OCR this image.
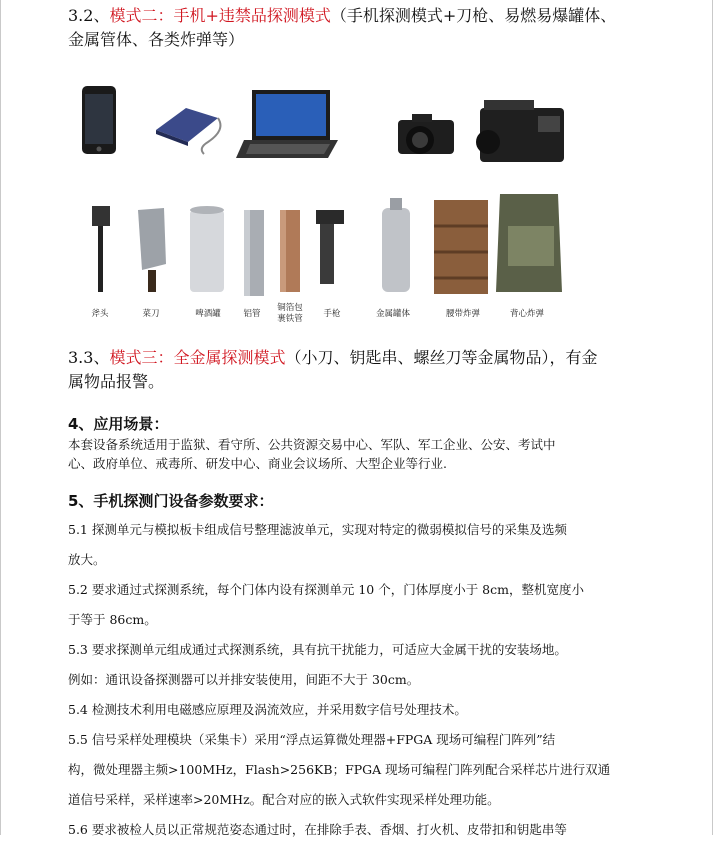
3.2、模式二：手机+违禁品探测模式（手机探测模式+刀枪、易燃易爆罐体、
金属管体、各类炸弹等）
斧头	菜刀	啤酒罐	铝管
铜箔包
裹铁管	手枪	金属罐体	腰带炸弹	背心炸弹
3.3、模式三：全金属探测模式（小刀、钥匙串、螺丝刀等金属物品），有金
属物品报警。
4、应用场景：
本套设备系统适用于监狱、看守所、公共资源交易中心、军队、军工企业、公安、考试中
心、政府单位、戒毒所、研发中心、商业会议场所、大型企业等行业.
5、手机探测门设备参数要求：
5.1 探测单元与模拟板卡组成信号整理滤波单元，实现对特定的微弱模拟信号的采集及选频
放大。
5.2 要求通过式探测系统，每个门体内设有探测单元 10 个，门体厚度小于 8cm，整机宽度小
于等于 86cm。
5.3 要求探测单元组成通过式探测系统，具有抗干扰能力，可适应大金属干扰的安装场地。
例如：通讯设备探测器可以并排安装使用，间距不大于 30cm。
5.4 检测技术利用电磁感应原理及涡流效应，并采用数字信号处理技术。
5.5 信号采样处理模块（采集卡）采用“浮点运算微处理器+FPGA 现场可编程门阵列”结
构，微处理器主频>100MHz，Flash>256KB；FPGA 现场可编程门阵列配合采样芯片进行双通
道信号采样，采样速率>20MHz。配合对应的嵌入式软件实现采样处理功能。
5.6 要求被检人员以正常规范姿态通过时，在排除手表、香烟、打火机、皮带扣和钥匙串等
